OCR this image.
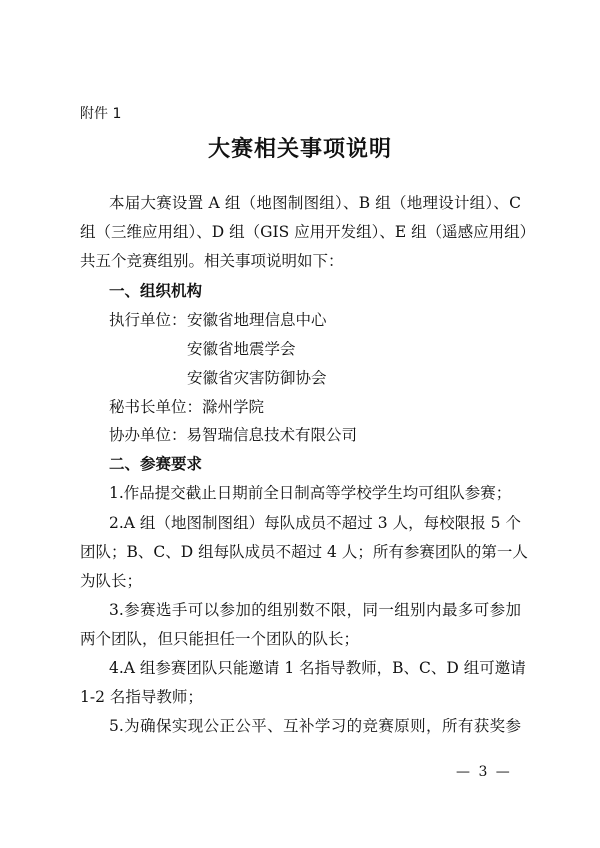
附件 1
大赛相关事项说明
本届大赛设置 A 组（地图制图组）、B 组（地理设计组）、C
组（三维应用组）、D 组（GIS 应用开发组）、E 组（遥感应用组）
共五个竞赛组别。相关事项说明如下：
一、组织机构
执行单位： 安徽省地理信息中心
安徽省地震学会
安徽省灾害防御协会
秘书长单位：滁州学院
协办单位：易智瑞信息技术有限公司
二、参赛要求
1.作品提交截止日期前全日制高等学校学生均可组队参赛；
2.A 组（地图制图组）每队成员不超过 3 人，每校限报 5 个
团队；B、C、D 组每队成员不超过 4 人；所有参赛团队的第一人
为队长；
3.参赛选手可以参加的组别数不限，同一组别内最多可参加
两个团队，但只能担任一个团队的队长；
4.A 组参赛团队只能邀请 1 名指导教师，B、C、D 组可邀请
1-2 名指导教师；
5.为确保实现公正公平、互补学习的竞赛原则，所有获奖参
— 3 —
